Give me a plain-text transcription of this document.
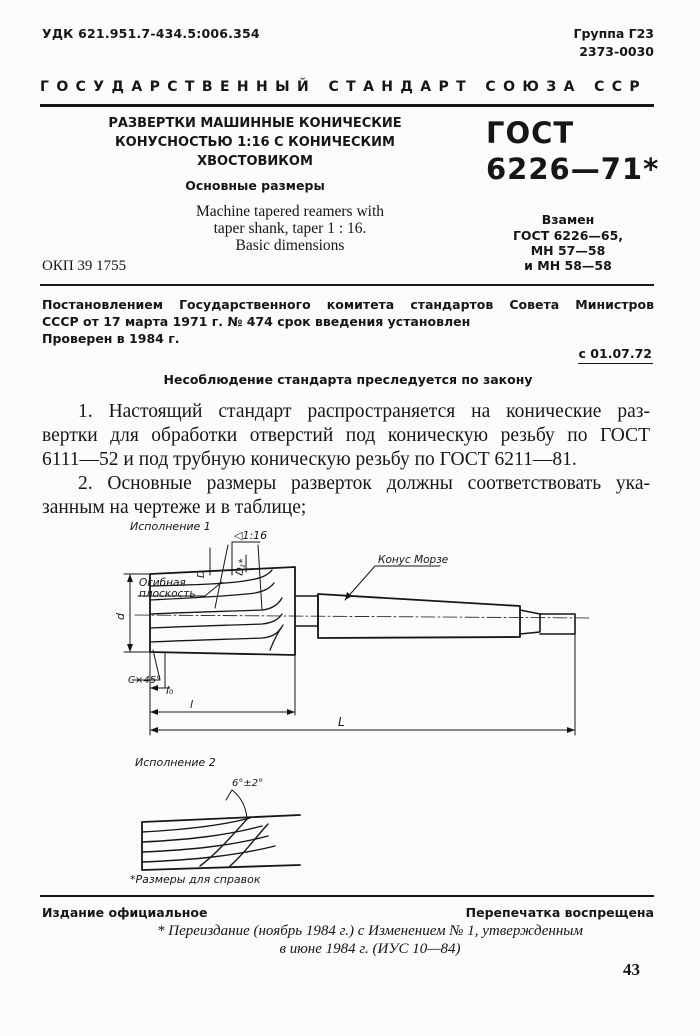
УДК 621.951.7-434.5:006.354	Группа Г23
2373-0030
ГОСУДАРСТВЕННЫЙ СТАНДАРТ СОЮЗА ССР
РАЗВЕРТКИ МАШИННЫЕ КОНИЧЕСКИЕ
КОНУСНОСТЬЮ 1:16 С КОНИЧЕСКИМ
ХВОСТОВИКОМ
Основные размеры
Machine tapered reamers with
taper shank, taper 1 : 16.
Basic dimensions
ОКП 39 1755
ГОСТ
6226—71*
Взамен
ГОСТ 6226—65,
МН 57—58
и МН 58—58
Постановлением Государственного комитета стандартов Совета Министров
СССР от 17 марта 1971 г. № 474 срок введения установлен
Проверен в 1984 г.
с 01.07.72
Несоблюдение стандарта преследуется по закону
1. Настоящий стандарт распространяется на конические раз-
вертки для обработки отверстий под коническую резьбу по ГОСТ
6111—52 и под трубную коническую резьбу по ГОСТ 6211—81.
2. Основные размеры разверток должны соответствовать ука-
занным на чертеже и в таблице;
Исполнение 1
◁1:16
Конус Морзе
Огибная
плоскость
D	D₁*
d
C×45°
l₀
l
L
Исполнение 2
6°±2°
*Размеры для справок
Издание официальное	Перепечатка воспрещена
* Переиздание (ноябрь 1984 г.) с Изменением № 1, утвержденным
в июне 1984 г. (ИУС 10—84)
43
